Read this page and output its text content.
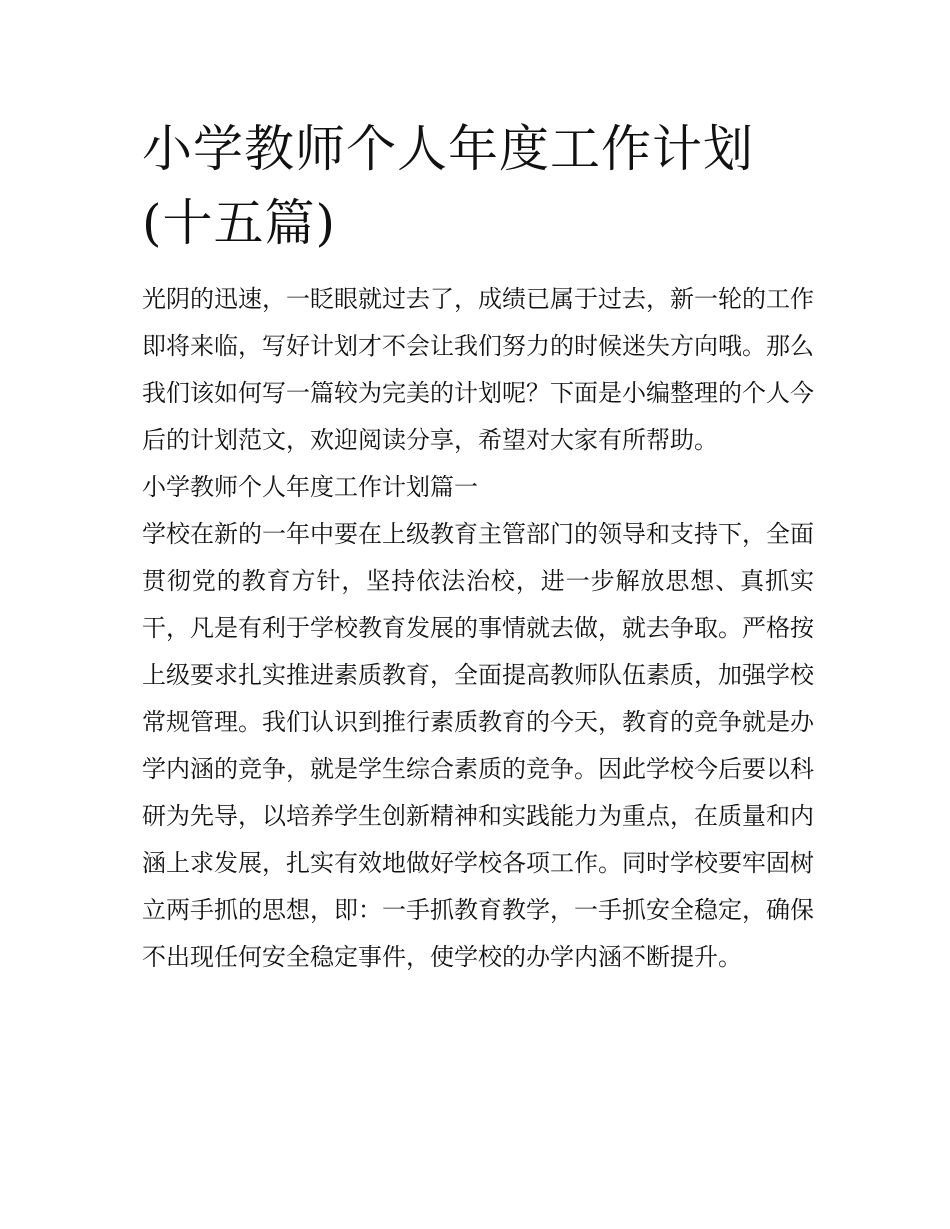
小学教师个人年度工作计划(十五篇)

光阴的迅速，一眨眼就过去了，成绩已属于过去，新一轮的工作即将来临，写好计划才不会让我们努力的时候迷失方向哦。那么我们该如何写一篇较为完美的计划呢？下面是小编整理的个人今后的计划范文，欢迎阅读分享，希望对大家有所帮助。

小学教师个人年度工作计划篇一

学校在新的一年中要在上级教育主管部门的领导和支持下，全面贯彻党的教育方针，坚持依法治校，进一步解放思想、真抓实干，凡是有利于学校教育发展的事情就去做，就去争取。严格按上级要求扎实推进素质教育，全面提高教师队伍素质，加强学校常规管理。我们认识到推行素质教育的今天，教育的竞争就是办学内涵的竞争，就是学生综合素质的竞争。因此学校今后要以科研为先导，以培养学生创新精神和实践能力为重点，在质量和内涵上求发展，扎实有效地做好学校各项工作。同时学校要牢固树立两手抓的思想，即：一手抓教育教学，一手抓安全稳定，确保不出现任何安全稳定事件，使学校的办学内涵不断提升。
